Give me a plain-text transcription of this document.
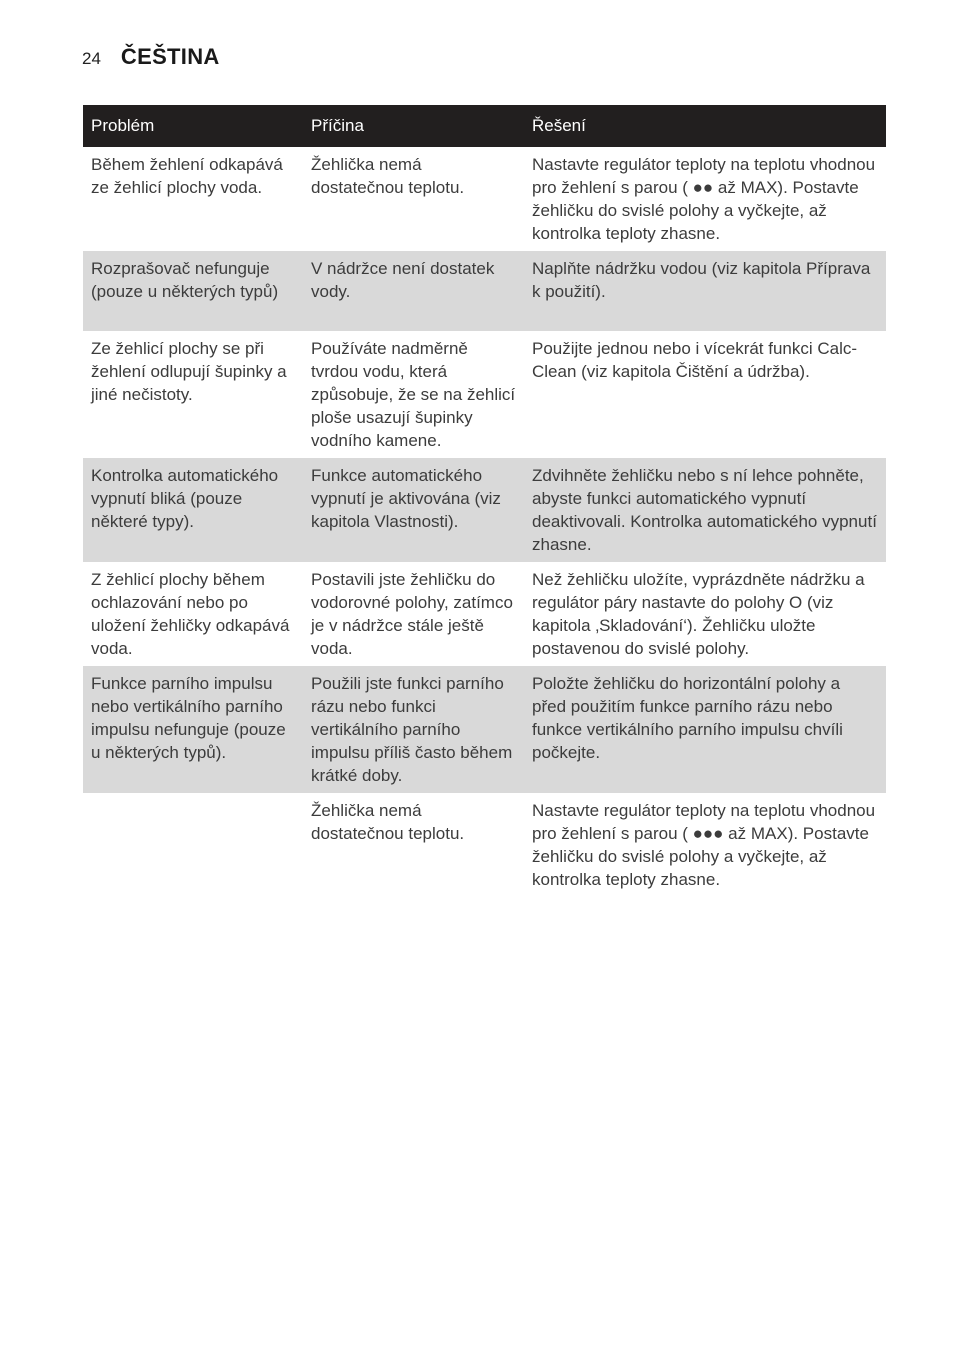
24 ČEŠTINA
Problém	Příčina	Řešení
Během žehlení odkapává ze žehlicí plochy voda.	Žehlička nemá dostatečnou teplotu.	Nastavte regulátor teploty na teplotu vhodnou pro žehlení s parou ( ●● až MAX). Postavte žehličku do svislé polohy a vyčkejte, až kontrolka teploty zhasne.
Rozprašovač nefunguje (pouze u některých typů)	V nádržce není dostatek vody.	Naplňte nádržku vodou (viz kapitola Příprava k použití).
Ze žehlicí plochy se při žehlení odlupují šupinky a jiné nečistoty.	Používáte nadměrně tvrdou vodu, která způsobuje, že se na žehlicí ploše usazují šupinky vodního kamene.	Použijte jednou nebo i vícekrát funkci Calc-Clean (viz kapitola Čištění a údržba).
Kontrolka automatického vypnutí bliká (pouze některé typy).	Funkce automatického vypnutí je aktivována (viz kapitola Vlastnosti).	Zdvihněte žehličku nebo s ní lehce pohněte, abyste funkci automatického vypnutí deaktivovali. Kontrolka automatického vypnutí zhasne.
Z žehlicí plochy během ochlazování nebo po uložení žehličky odkapává voda.	Postavili jste žehličku do vodorovné polohy, zatímco je v nádržce stále ještě voda.	Než žehličku uložíte, vyprázdněte nádržku a regulátor páry nastavte do polohy O (viz kapitola ‚Skladování‘). Žehličku uložte postavenou do svislé polohy.
Funkce parního impulsu nebo vertikálního parního impulsu nefunguje (pouze u některých typů).	Použili jste funkci parního rázu nebo funkci vertikálního parního impulsu příliš často během krátké doby.	Položte žehličku do horizontální polohy a před použitím funkce parního rázu nebo funkce vertikálního parního impulsu chvíli počkejte.
	Žehlička nemá dostatečnou teplotu.	Nastavte regulátor teploty na teplotu vhodnou pro žehlení s parou ( ●●● až MAX). Postavte žehličku do svislé polohy a vyčkejte, až kontrolka teploty zhasne.
